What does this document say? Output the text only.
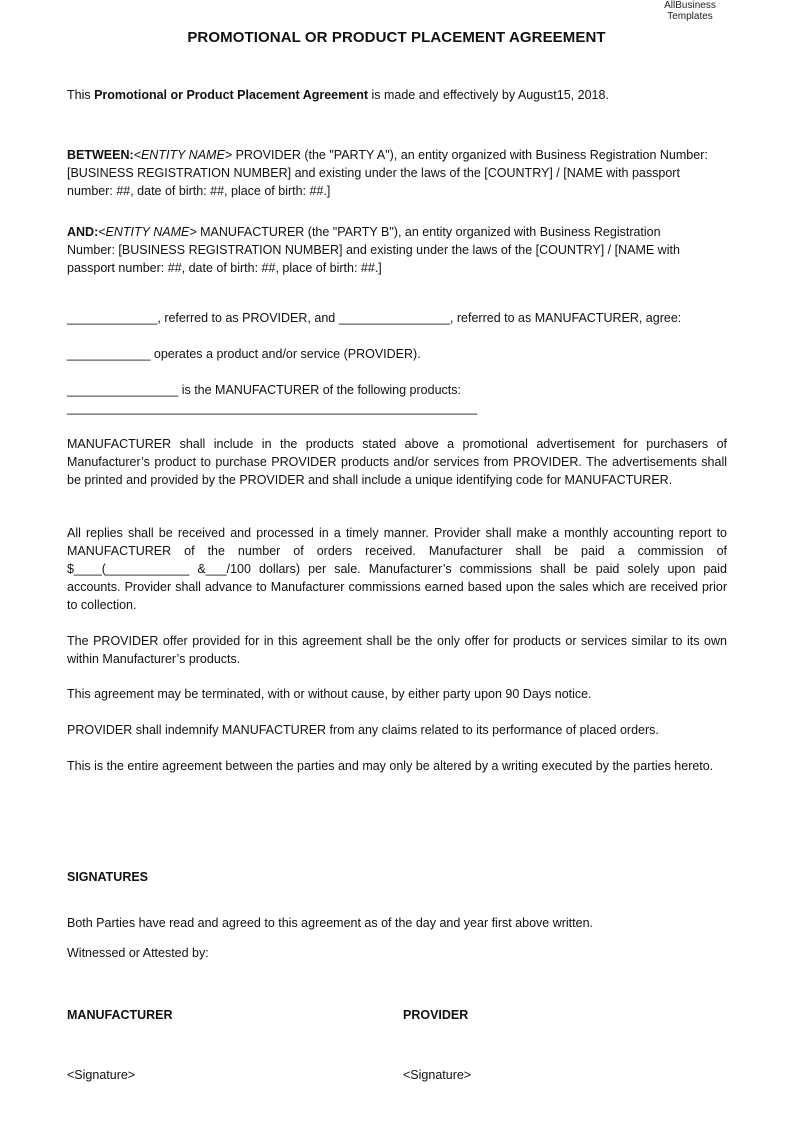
AllBusiness
Templates
PROMOTIONAL OR PRODUCT PLACEMENT AGREEMENT

This Promotional or Product Placement Agreement is made and effectively by August15, 2018.

BETWEEN:<ENTITY NAME> PROVIDER (the "PARTY A"), an entity organized with Business Registration Number:
[BUSINESS REGISTRATION NUMBER] and existing under the laws of the [COUNTRY] / [NAME with passport
number: ##, date of birth: ##, place of birth: ##.]
AND:<ENTITY NAME> MANUFACTURER (the "PARTY B"), an entity organized with Business Registration
Number: [BUSINESS REGISTRATION NUMBER] and existing under the laws of the [COUNTRY] / [NAME with
passport number: ##, date of birth: ##, place of birth: ##.]

_____________, referred to as PROVIDER, and ________________, referred to as MANUFACTURER, agree:

____________ operates a product and/or service (PROVIDER).

________________ is the MANUFACTURER of the following products:

___________________________________________________________

MANUFACTURER shall include in the products stated above a promotional advertisement for purchasers of Manufacturer’s product to purchase PROVIDER products and/or services from PROVIDER. The advertisements shall be printed and provided by the PROVIDER and shall include a unique identifying code for MANUFACTURER.

All replies shall be received and processed in a timely manner. Provider shall make a monthly accounting report to MANUFACTURER of the number of orders received. Manufacturer shall be paid a commission of $____(____________ &___/100 dollars) per sale. Manufacturer’s commissions shall be paid solely upon paid accounts. Provider shall advance to Manufacturer commissions earned based upon the sales which are received prior to collection.

The PROVIDER offer provided for in this agreement shall be the only offer for products or services similar to its own within Manufacturer’s products.

This agreement may be terminated, with or without cause, by either party upon 90 Days notice.

PROVIDER shall indemnify MANUFACTURER from any claims related to its performance of placed orders.

This is the entire agreement between the parties and may only be altered by a writing executed by the parties hereto.

SIGNATURES

Both Parties have read and agreed to this agreement as of the day and year first above written.

Witnessed or Attested by:

MANUFACTURER	PROVIDER
<Signature>	<Signature>
